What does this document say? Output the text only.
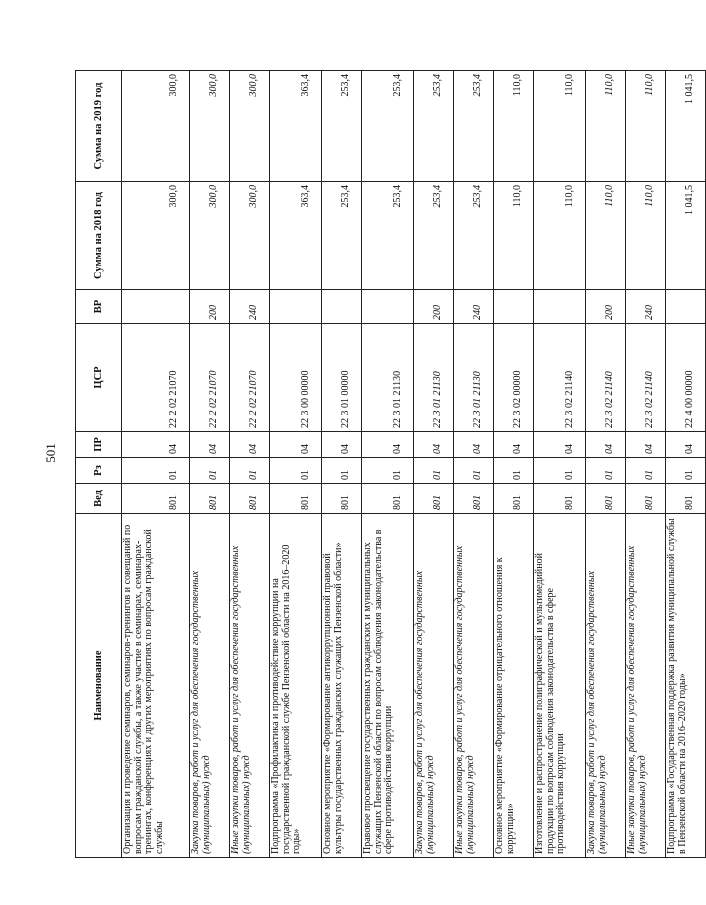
501
Наименование	Вед	Рз	ПР	ЦСР	ВР	Сумма на 2018 год	Сумма на 2019 год
Организация и проведение семинаров, семинаров-тренингов и совещаний по вопросам гражданской службы, а также участие в семинарах, семинарах-тренингах, конференциях и других мероприятиях по вопросам гражданской службы	801	01	04	22 2 02 21070		300,0	300,0
Закупка товаров, работ и услуг для обеспечения государственных (муниципальных) нужд	801	01	04	22 2 02 21070	200	300,0	300,0
Иные закупки товаров, работ и услуг для обеспечения государственных (муниципальных) нужд	801	01	04	22 2 02 21070	240	300,0	300,0
Подпрограмма «Профилактика и противодействие коррупции на государственной гражданской службе Пензенской области на 2016–2020 годы»	801	01	04	22 3 00 00000		363,4	363,4
Основное мероприятие «Формирование антикоррупционной правовой культуры государственных гражданских служащих Пензенской области»	801	01	04	22 3 01 00000		253,4	253,4
Правовое просвещение государственных гражданских и муниципальных служащих Пензенской области по вопросам соблюдения законодательства в сфере противодействия коррупции	801	01	04	22 3 01 21130		253,4	253,4
Закупка товаров, работ и услуг для обеспечения государственных (муниципальных) нужд	801	01	04	22 3 01 21130	200	253,4	253,4
Иные закупки товаров, работ и услуг для обеспечения государственных (муниципальных) нужд	801	01	04	22 3 01 21130	240	253,4	253,4
Основное мероприятие «Формирование отрицательного отношения к коррупции»	801	01	04	22 3 02 00000		110,0	110,0
Изготовление и распространение полиграфической и мультимедийной продукции по вопросам соблюдения законодательства в сфере противодействия коррупции	801	01	04	22 3 02 21140		110,0	110,0
Закупка товаров, работ и услуг для обеспечения государственных (муниципальных) нужд	801	01	04	22 3 02 21140	200	110,0	110,0
Иные закупки товаров, работ и услуг для обеспечения государственных (муниципальных) нужд	801	01	04	22 3 02 21140	240	110,0	110,0
Подпрограмма «Государственная поддержка развития муниципальной службы в Пензенской области на 2016–2020 годы»	801	01	04	22 4 00 00000		1 041,5	1 041,5
